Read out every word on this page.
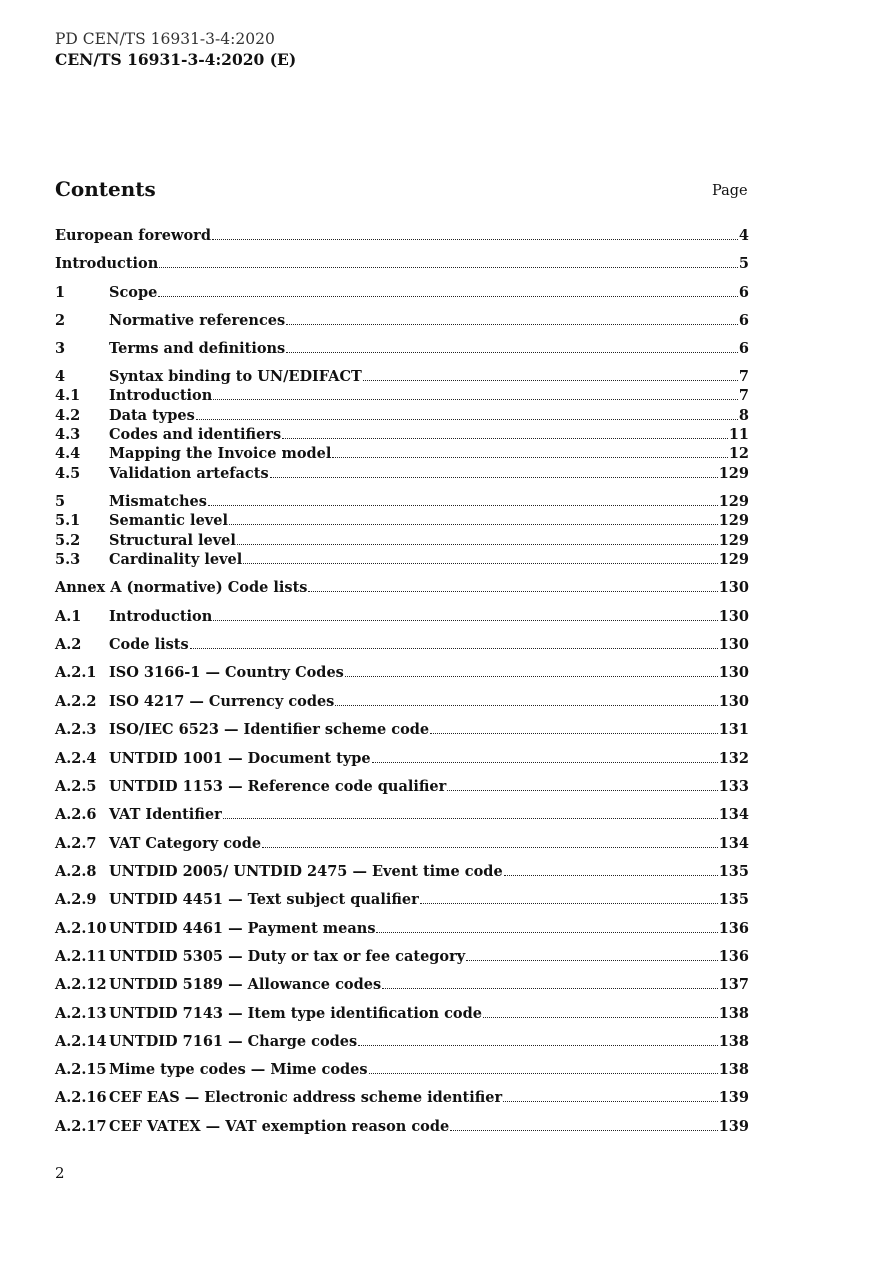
PD CEN/TS 16931-3-4:2020
CEN/TS 16931-3-4:2020 (E)
Contents	Page
European foreword	4
Introduction	5
1	Scope	6
2	Normative references	6
3	Terms and definitions	6
4	Syntax binding to UN/EDIFACT	7
4.1	Introduction	7
4.2	Data types	8
4.3	Codes and identifiers	11
4.4	Mapping the Invoice model	12
4.5	Validation artefacts	129
5	Mismatches	129
5.1	Semantic level	129
5.2	Structural level	129
5.3	Cardinality level	129
Annex A (normative) Code lists	130
A.1	Introduction	130
A.2	Code lists	130
A.2.1 ISO 3166-1 — Country Codes	130
A.2.2 ISO 4217 — Currency codes	130
A.2.3 ISO/IEC 6523 — Identifier scheme code	131
A.2.4 UNTDID 1001 — Document type	132
A.2.5 UNTDID 1153 — Reference code qualifier	133
A.2.6 VAT Identifier	134
A.2.7 VAT Category code	134
A.2.8 UNTDID 2005/ UNTDID 2475 — Event time code	135
A.2.9 UNTDID 4451 — Text subject qualifier	135
A.2.10 UNTDID 4461 — Payment means	136
A.2.11 UNTDID 5305 — Duty or tax or fee category	136
A.2.12 UNTDID 5189 — Allowance codes	137
A.2.13 UNTDID 7143 — Item type identification code	138
A.2.14 UNTDID 7161 — Charge codes	138
A.2.15 Mime type codes — Mime codes	138
A.2.16 CEF EAS — Electronic address scheme identifier	139
A.2.17 CEF VATEX — VAT exemption reason code	139
2
